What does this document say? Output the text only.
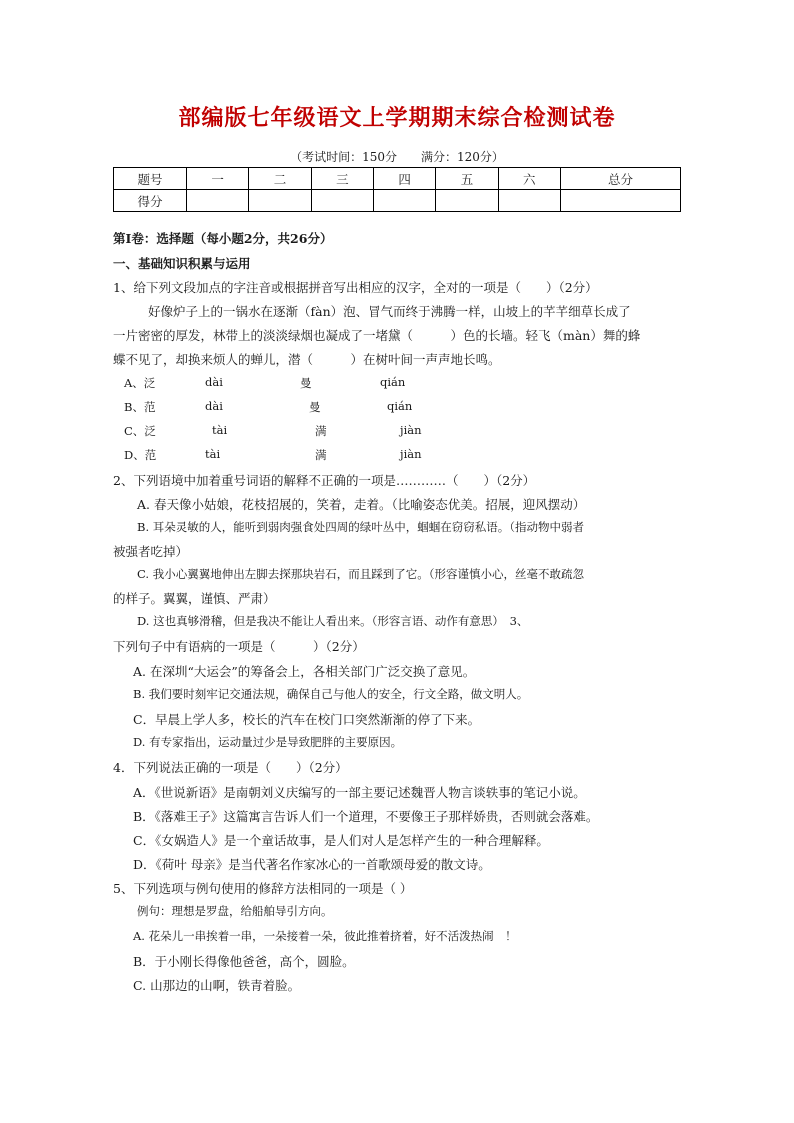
部编版七年级语文上学期期末综合检测试卷
（考试时间：150分　　满分：120分）
题号	一	二	三	四	五	六	总分
得分							
第Ⅰ卷：选择题（每小题2分，共26分）
一、基础知识积累与运用
1、给下列文段加点的字注音或根据拼音写出相应的汉字，全对的一项是（　　）（2分）
好像炉子上的一锅水在逐渐（fàn）泡、冒气而终于沸腾一样，山坡上的芊芊细草长成了
一片密密的厚发，林带上的淡淡绿烟也凝成了一堵黛（　　　）色的长墙。轻飞（màn）舞的蜂
蝶不见了，却换来烦人的蝉儿，潜（　　　）在树叶间一声声地长鸣。
A、泛	dài	曼	qián
B、范	dài	曼	qián
C、泛	tài	满	jiàn
D、范	tài	满	jiàn
2、下列语境中加着重号词语的解释不正确的一项是…………（　　）（2分）
A. 春天像小姑娘，花枝招展的，笑着，走着。（比喻姿态优美。招展，迎风摆动）
B. 耳朵灵敏的人，能听到弱肉强食处四周的绿叶丛中，蝈蝈在窃窃私语。（指动物中弱者
被强者吃掉）
C. 我小心翼翼地伸出左脚去探那块岩石，而且踩到了它。（形容谨慎小心，丝毫不敢疏忽
的样子。翼翼，谨慎、严肃）
D. 这也真够滑稽，但是我决不能让人看出来。（形容言语、动作有意思）　3、
下列句子中有语病的一项是（　　　）（2分）
A. 在深圳“大运会”的筹备会上，各相关部门广泛交换了意见。
B. 我们要时刻牢记交通法规，确保自己与他人的安全，行文全路，做文明人。
C．早晨上学人多，校长的汽车在校门口突然渐渐的停了下来。
D. 有专家指出，运动量过少是导致肥胖的主要原因。
4．下列说法正确的一项是（　　）（2分）
A．《世说新语》是南朝刘义庆编写的一部主要记述魏晋人物言谈轶事的笔记小说。
B．《落难王子》这篇寓言告诉人们一个道理，不要像王子那样娇贵，否则就会落难。
C．《女娲造人》是一个童话故事，是人们对人是怎样产生的一种合理解释。
D．《荷叶 母亲》是当代著名作家冰心的一首歌颂母爱的散文诗。
5、下列选项与例句使用的修辞方法相同的一项是（ ）
例句：理想是罗盘，给船舶导引方向。
A. 花朵儿一串挨着一串，一朵接着一朵，彼此推着挤着，好不活泼热闹　！
B．于小刚长得像他爸爸，高个，圆脸。
C. 山那边的山啊，铁青着脸。
